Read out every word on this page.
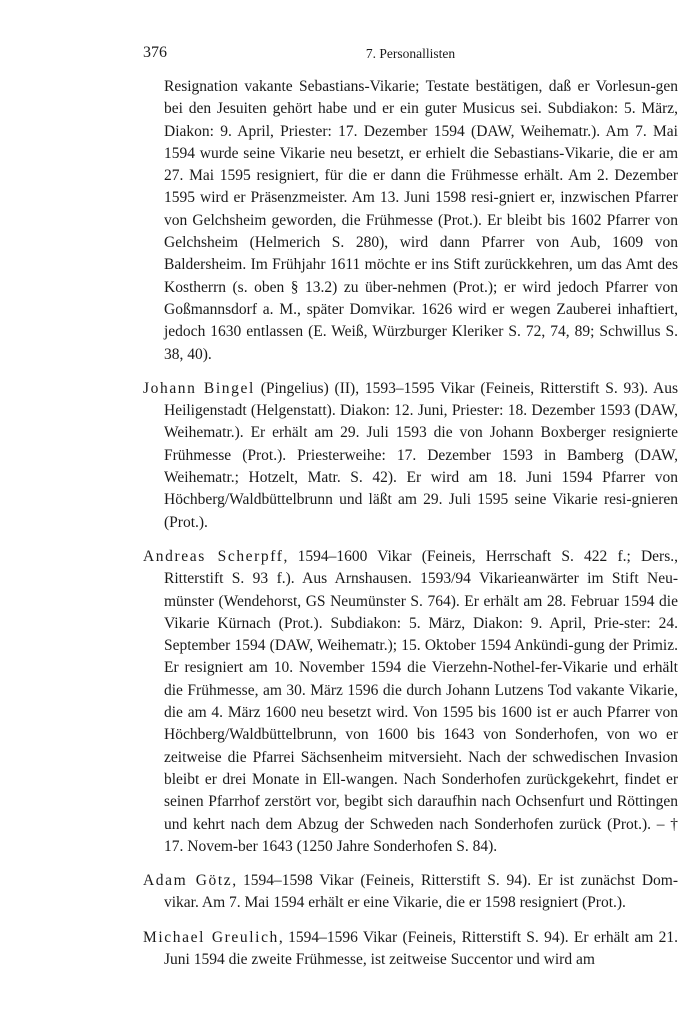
376	7. Personallisten

Resignation vakante Sebastians-Vikarie; Testate bestätigen, daß er Vorlesun-gen bei den Jesuiten gehört habe und er ein guter Musicus sei. Subdiakon: 5. März, Diakon: 9. April, Priester: 17. Dezember 1594 (DAW, Weihematr.). Am 7. Mai 1594 wurde seine Vikarie neu besetzt, er erhielt die Sebastians-Vikarie, die er am 27. Mai 1595 resigniert, für die er dann die Frühmesse erhält. Am 2. Dezember 1595 wird er Präsenzmeister. Am 13. Juni 1598 resi-gniert er, inzwischen Pfarrer von Gelchsheim geworden, die Frühmesse (Prot.). Er bleibt bis 1602 Pfarrer von Gelchsheim (Helmerich S. 280), wird dann Pfarrer von Aub, 1609 von Baldersheim. Im Frühjahr 1611 möchte er ins Stift zurückkehren, um das Amt des Kostherrn (s. oben § 13.2) zu über-nehmen (Prot.); er wird jedoch Pfarrer von Goßmannsdorf a. M., später Domvikar. 1626 wird er wegen Zauberei inhaftiert, jedoch 1630 entlassen (E. Weiß, Würzburger Kleriker S. 72, 74, 89; Schwillus S. 38, 40).

Johann Bingel (Pingelius) (II), 1593–1595 Vikar (Feineis, Ritterstift S. 93). Aus Heiligenstadt (Helgenstatt). Diakon: 12. Juni, Priester: 18. Dezember 1593 (DAW, Weihematr.). Er erhält am 29. Juli 1593 die von Johann Boxberger resignierte Frühmesse (Prot.). Priesterweihe: 17. Dezember 1593 in Bamberg (DAW, Weihematr.; Hotzelt, Matr. S. 42). Er wird am 18. Juni 1594 Pfarrer von Höchberg/Waldbüttelbrunn und läßt am 29. Juli 1595 seine Vikarie resi-gnieren (Prot.).

Andreas Scherpff, 1594–1600 Vikar (Feineis, Herrschaft S. 422 f.; Ders., Ritterstift S. 93 f.). Aus Arnshausen. 1593/94 Vikarieanwärter im Stift Neu-münster (Wendehorst, GS Neumünster S. 764). Er erhält am 28. Februar 1594 die Vikarie Kürnach (Prot.). Subdiakon: 5. März, Diakon: 9. April, Prie-ster: 24. September 1594 (DAW, Weihematr.); 15. Oktober 1594 Ankündi-gung der Primiz. Er resigniert am 10. November 1594 die Vierzehn-Nothel-fer-Vikarie und erhält die Frühmesse, am 30. März 1596 die durch Johann Lutzens Tod vakante Vikarie, die am 4. März 1600 neu besetzt wird. Von 1595 bis 1600 ist er auch Pfarrer von Höchberg/Waldbüttelbrunn, von 1600 bis 1643 von Sonderhofen, von wo er zeitweise die Pfarrei Sächsenheim mitversieht. Nach der schwedischen Invasion bleibt er drei Monate in Ell-wangen. Nach Sonderhofen zurückgekehrt, findet er seinen Pfarrhof zerstört vor, begibt sich daraufhin nach Ochsenfurt und Röttingen und kehrt nach dem Abzug der Schweden nach Sonderhofen zurück (Prot.). – † 17. Novem-ber 1643 (1250 Jahre Sonderhofen S. 84).

Adam Götz, 1594–1598 Vikar (Feineis, Ritterstift S. 94). Er ist zunächst Dom-vikar. Am 7. Mai 1594 erhält er eine Vikarie, die er 1598 resigniert (Prot.).

Michael Greulich, 1594–1596 Vikar (Feineis, Ritterstift S. 94). Er erhält am 21. Juni 1594 die zweite Frühmesse, ist zeitweise Succentor und wird am
